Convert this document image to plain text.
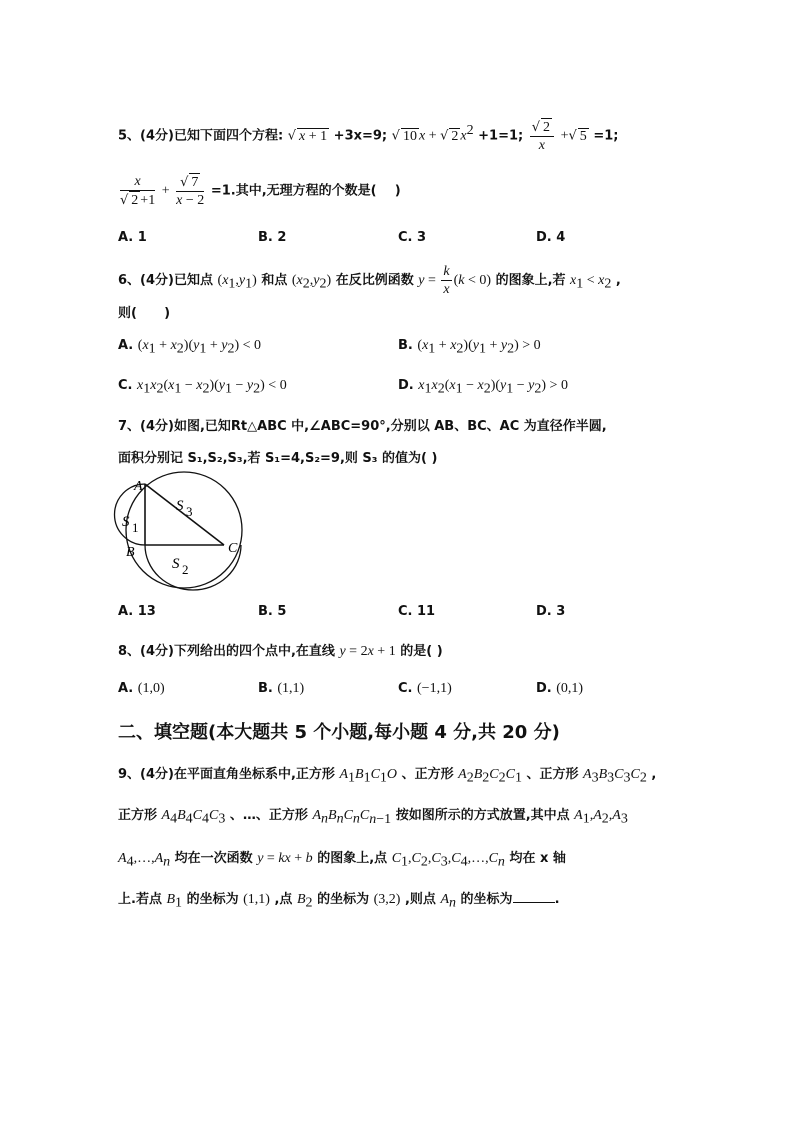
5、(4分)已知下面四个方程: √ x + 1 +3x=9; √ 10 x + √ 2 $x^2 +1=1$; $\frac{√ 2}{x}$ +√ 5 =1;
$\frac{x}{√ 2 +1} + \frac{√ 7}{x - 2} =1$.其中,无理方程的个数是( )
A. 1	B. 2	C. 3	D. 4
6、(4分)已知点 $(x_1,y_1)$ 和点 $(x_2,y_2)$ 在反比例函数 $y = \frac{k}{x} (k < 0)$ 的图象上,若 $x_1 < x_2$ ,
则( )
A. $(x_1 + x_2)(y_1 + y_2) < 0$	B. $(x_1 + x_2)(y_1 + y_2) > 0$
C. $x_1x_2(x_1 - x_2)(y_1 - y_2) < 0$	D. $x_1x_2(x_1 - x_2)(y_1 - y_2) > 0$
7、(4分)如图,已知Rt△ABC 中,∠ABC=90°,分别以 AB、BC、AC 为直径作半圆,
面积分别记 S₁,S₂,S₃,若 S₁=4,S₂=9,则 S₃ 的值为( )
A
B	C
S 1
S 3
S 2
A. 13	B. 5	C. 11	D. 3
8、(4分)下列给出的四个点中,在直线 y = 2x + 1 的是( )
A. (1,0)	B. (1,1)	C. (−1,1)	D. (0,1)
二、填空题(本大题共 5 个小题,每小题 4 分,共 20 分)
9、(4分)在平面直角坐标系中,正方形 $A_1B_1C_1O$ 、正方形 $A_2B_2C_2C_1$ 、正方形 $A_3B_3C_3C_2$ ,
正方形 $A_4B_4C_4C_3$ 、…、正方形 $A_nB_nC_nC_{n-1}$ 按如图所示的方式放置,其中点 $A_1,A_2,A_3$
$A_4,\dots,A_n$ 均在一次函数 y = kx + b 的图象上,点 $C_1,C_2,C_3,C_4,\dots,C_n$ 均在 x 轴
上.若点 $B_1$ 的坐标为 (1,1) ,点 $B_2$ 的坐标为 (3,2) ,则点 $A_n$ 的坐标为	.
